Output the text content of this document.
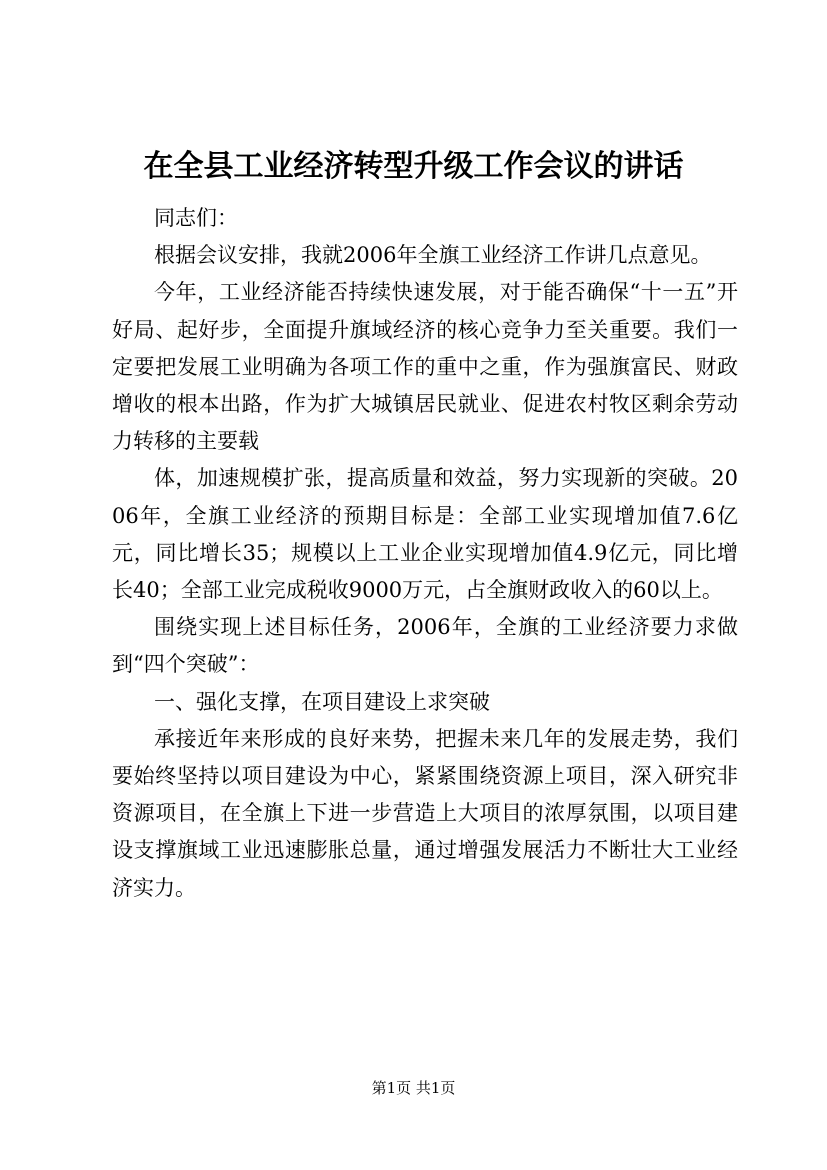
在全县工业经济转型升级工作会议的讲话

同志们：

根据会议安排，我就2006年全旗工业经济工作讲几点意见。

今年，工业经济能否持续快速发展，对于能否确保“十一五”开好局、起好步，全面提升旗域经济的核心竞争力至关重要。我们一定要把发展工业明确为各项工作的重中之重，作为强旗富民、财政增收的根本出路，作为扩大城镇居民就业、促进农村牧区剩余劳动力转移的主要载

体，加速规模扩张，提高质量和效益，努力实现新的突破。2006年，全旗工业经济的预期目标是：全部工业实现增加值7.6亿元，同比增长35；规模以上工业企业实现增加值4.9亿元，同比增长40；全部工业完成税收9000万元，占全旗财政收入的60以上。

围绕实现上述目标任务，2006年，全旗的工业经济要力求做到“四个突破”：

一、强化支撑，在项目建设上求突破

承接近年来形成的良好来势，把握未来几年的发展走势，我们要始终坚持以项目建设为中心，紧紧围绕资源上项目，深入研究非资源项目，在全旗上下进一步营造上大项目的浓厚氛围，以项目建设支撑旗域工业迅速膨胀总量，通过增强发展活力不断壮大工业经济实力。

第1页 共1页
